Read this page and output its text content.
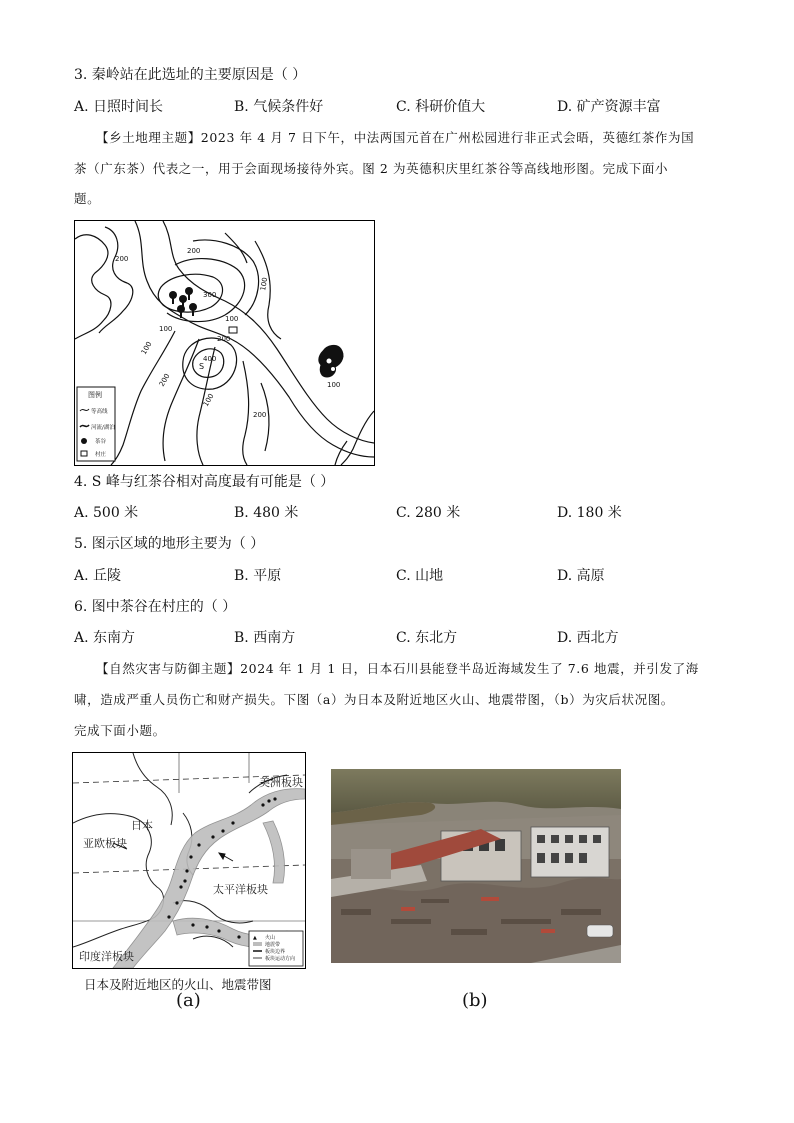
3. 秦岭站在此选址的主要原因是（ ）
A. 日照时间长	B. 气候条件好	C. 科研价值大	D. 矿产资源丰富
【乡土地理主题】2023 年 4 月 7 日下午，中法两国元首在广州松园进行非正式会晤，英德红茶作为国
茶（广东茶）代表之一，用于会面现场接待外宾。图 2 为英德积庆里红茶谷等高线地形图。完成下面小
题。
200
200
300
100
100
200
400
100
100
200
100
200
100
S
图例
等高线
河流/湖泊
茶谷
村庄
4. S 峰与红茶谷相对高度最有可能是（ ）
A. 500 米	B. 480 米	C. 280 米	D. 180 米
5. 图示区域的地形主要为（ ）
A. 丘陵	B. 平原	C. 山地	D. 高原
6. 图中茶谷在村庄的（ ）
A. 东南方	B. 西南方	C. 东北方	D. 西北方
【自然灾害与防御主题】2024 年 1 月 1 日，日本石川县能登半岛近海域发生了 7.6 地震，并引发了海
啸，造成严重人员伤亡和财产损失。下图（a）为日本及附近地区火山、地震带图，（b）为灾后状况图。
完成下面小题。
美洲板块
日本
亚欧板块
太平洋板块
印度洋板块
▲ 火山
地震带
板块边界
板块运动方向
日本及附近地区的火山、地震带图
(a)	(b)
